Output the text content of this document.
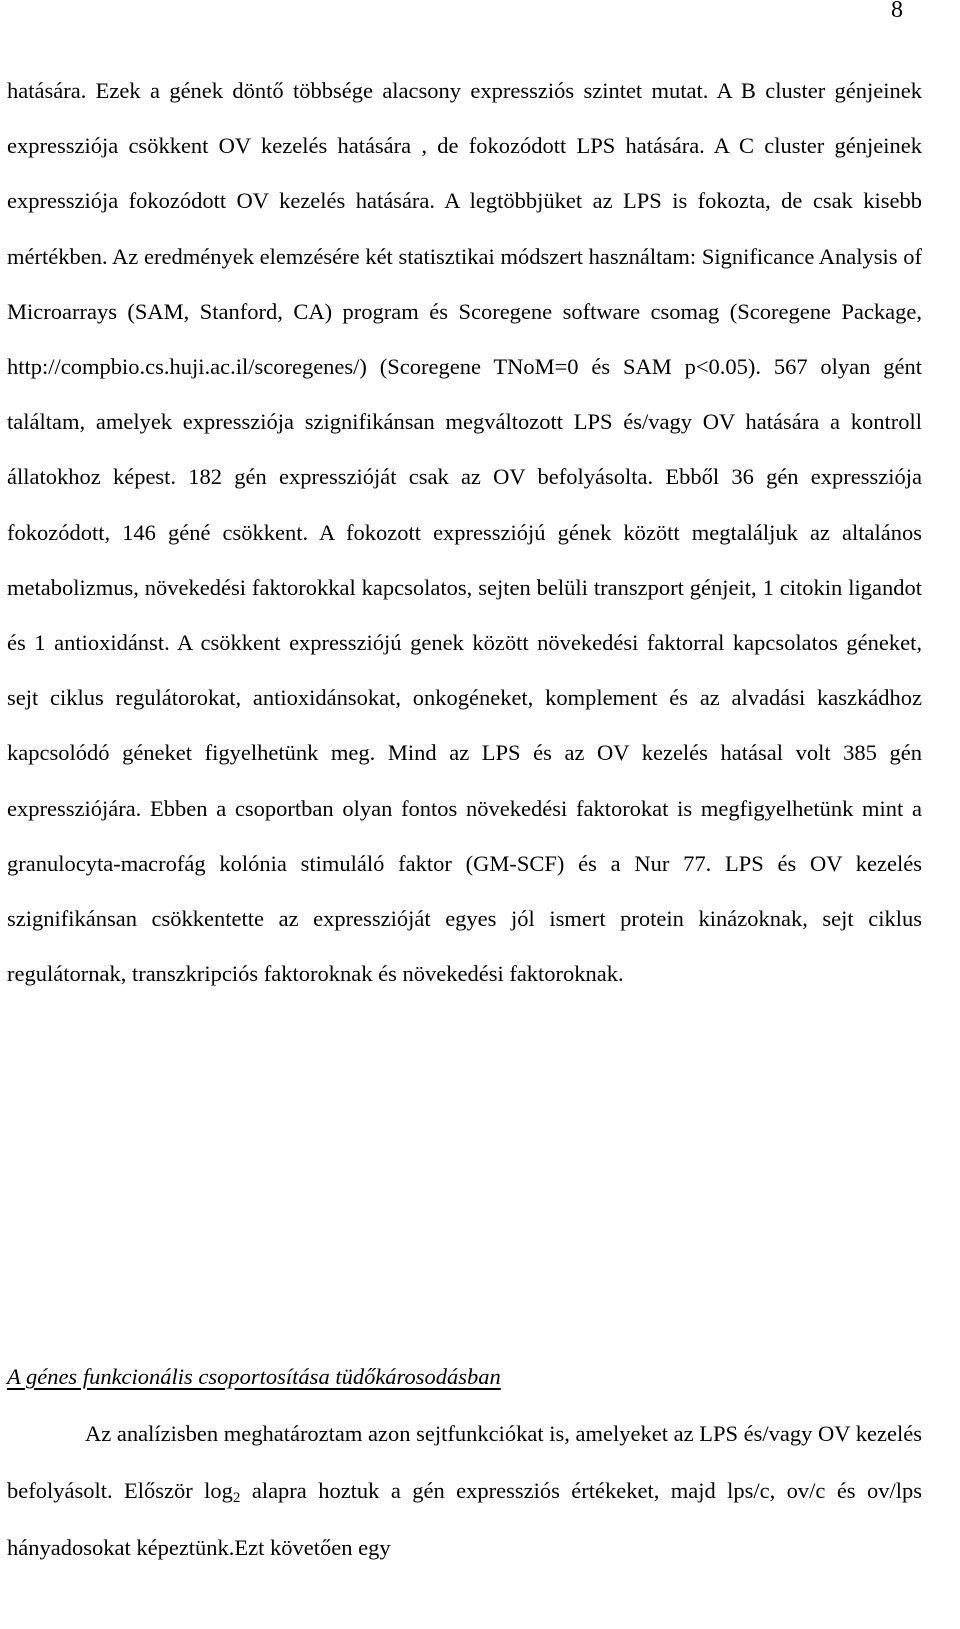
8

hatására. Ezek a gének döntő többsége alacsony expressziós szintet mutat. A B cluster génjeinek expressziója csökkent OV kezelés hatására , de fokozódott LPS hatására. A C cluster génjeinek expressziója fokozódott OV kezelés hatására. A legtöbbjüket az LPS is fokozta, de csak kisebb mértékben. Az eredmények elemzésére két statisztikai módszert használtam: Significance Analysis of Microarrays (SAM, Stanford, CA) program és Scoregene software csomag (Scoregene Package, http://compbio.cs.huji.ac.il/scoregenes/) (Scoregene TNoM=0 és SAM p<0.05). 567 olyan gént találtam, amelyek expressziója szignifikánsan megváltozott LPS és/vagy OV hatására a kontroll állatokhoz képest. 182 gén expresszióját csak az OV befolyásolta. Ebből 36 gén expressziója fokozódott, 146 géné csökkent. A fokozott expressziójú gének között megtaláljuk az altalános metabolizmus, növekedési faktorokkal kapcsolatos, sejten belüli transzport génjeit, 1 citokin ligandot és 1 antioxidánst. A csökkent expressziójú genek között növekedési faktorral kapcsolatos géneket, sejt ciklus regulátorokat, antioxidánsokat, onkogéneket, komplement és az alvadási kaszkádhoz kapcsolódó géneket figyelhetünk meg. Mind az LPS és az OV kezelés hatásal volt 385 gén expressziójára. Ebben a csoportban olyan fontos növekedési faktorokat is megfigyelhetünk mint a granulocyta-macrofág kolónia stimuláló faktor (GM-SCF) és a Nur 77. LPS és OV kezelés szignifikánsan csökkentette az expresszióját egyes jól ismert protein kinázoknak, sejt ciklus regulátornak, transzkripciós faktoroknak és növekedési faktoroknak.

A génes funkcionális csoportosítása tüdőkárosodásban

Az analízisben meghatároztam azon sejtfunkciókat is, amelyeket az LPS és/vagy OV kezelés befolyásolt. Először $\log_2$ alapra hoztuk a gén expressziós értékeket, majd lps/c, ov/c és ov/lps hányadosokat képeztünk.Ezt követően egy
